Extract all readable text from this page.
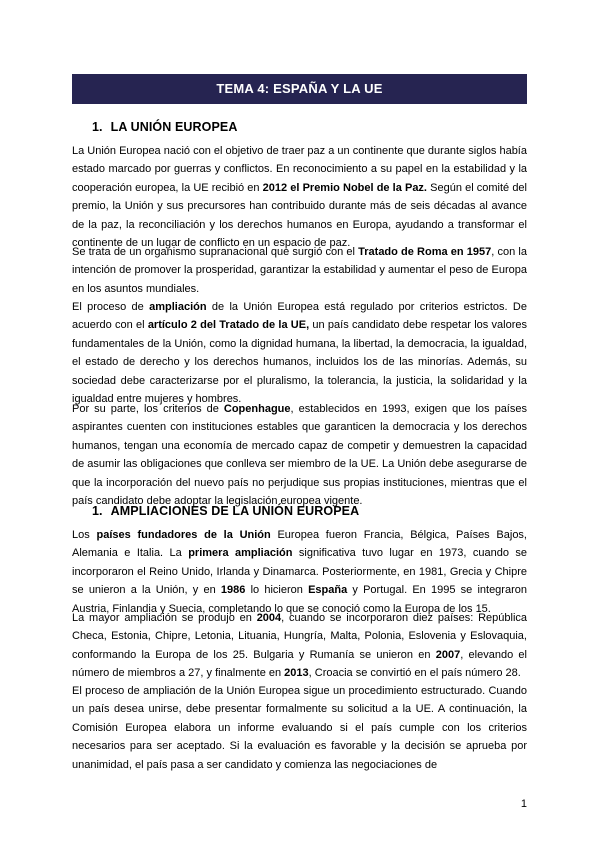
TEMA 4: ESPAÑA Y LA UE
1. LA UNIÓN EUROPEA

La Unión Europea nació con el objetivo de traer paz a un continente que durante siglos había estado marcado por guerras y conflictos. En reconocimiento a su papel en la estabilidad y la cooperación europea, la UE recibió en 2012 el Premio Nobel de la Paz. Según el comité del premio, la Unión y sus precursores han contribuido durante más de seis décadas al avance de la paz, la reconciliación y los derechos humanos en Europa, ayudando a transformar el continente de un lugar de conflicto en un espacio de paz.

Se trata de un organismo supranacional que surgió con el Tratado de Roma en 1957, con la intención de promover la prosperidad, garantizar la estabilidad y aumentar el peso de Europa en los asuntos mundiales.

El proceso de ampliación de la Unión Europea está regulado por criterios estrictos. De acuerdo con el artículo 2 del Tratado de la UE, un país candidato debe respetar los valores fundamentales de la Unión, como la dignidad humana, la libertad, la democracia, la igualdad, el estado de derecho y los derechos humanos, incluidos los de las minorías. Además, su sociedad debe caracterizarse por el pluralismo, la tolerancia, la justicia, la solidaridad y la igualdad entre mujeres y hombres.

Por su parte, los criterios de Copenhague, establecidos en 1993, exigen que los países aspirantes cuenten con instituciones estables que garanticen la democracia y los derechos humanos, tengan una economía de mercado capaz de competir y demuestren la capacidad de asumir las obligaciones que conlleva ser miembro de la UE. La Unión debe asegurarse de que la incorporación del nuevo país no perjudique sus propias instituciones, mientras que el país candidato debe adoptar la legislación europea vigente.

1. AMPLIACIONES DE LA UNIÓN EUROPEA

Los países fundadores de la Unión Europea fueron Francia, Bélgica, Países Bajos, Alemania e Italia. La primera ampliación significativa tuvo lugar en 1973, cuando se incorporaron el Reino Unido, Irlanda y Dinamarca. Posteriormente, en 1981, Grecia y Chipre se unieron a la Unión, y en 1986 lo hicieron España y Portugal. En 1995 se integraron Austria, Finlandia y Suecia, completando lo que se conoció como la Europa de los 15.

La mayor ampliación se produjo en 2004, cuando se incorporaron diez países: República Checa, Estonia, Chipre, Letonia, Lituania, Hungría, Malta, Polonia, Eslovenia y Eslovaquia, conformando la Europa de los 25. Bulgaria y Rumanía se unieron en 2007, elevando el número de miembros a 27, y finalmente en 2013, Croacia se convirtió en el país número 28.

El proceso de ampliación de la Unión Europea sigue un procedimiento estructurado. Cuando un país desea unirse, debe presentar formalmente su solicitud a la UE. A continuación, la Comisión Europea elabora un informe evaluando si el país cumple con los criterios necesarios para ser aceptado. Si la evaluación es favorable y la decisión se aprueba por unanimidad, el país pasa a ser candidato y comienza las negociaciones de

1
